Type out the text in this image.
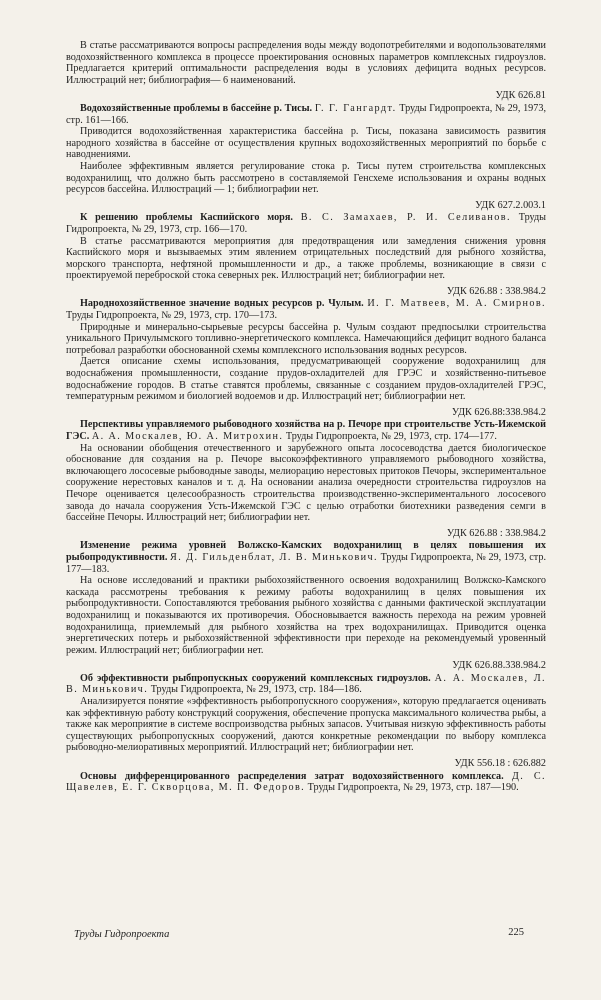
В статье рассматриваются вопросы распределения воды между водопотребителями и водопользователями водохозяйственного комплекса в процессе проектирования основных параметров комплексных гидроузлов. Предлагается критерий оптимальности распределения воды в условиях дефицита водных ресурсов. Иллюстраций нет; библиография— 6 наименований.

УДК 626.81

Водохозяйственные проблемы в бассейне р. Тисы. Г. Г. Гангардт. Труды Гидропроекта, № 29, 1973, стр. 161—166.

Приводится водохозяйственная характеристика бассейна р. Тисы, показана зависимость развития народного хозяйства в бассейне от осуществления крупных водохозяйственных мероприятий по борьбе с наводнениями.

Наиболее эффективным является регулирование стока р. Тисы путем строительства комплексных водохранилищ, что должно быть рассмотрено в составляемой Генсхеме использования и охраны водных ресурсов бассейна. Иллюстраций — 1; библиографии нет.

УДК 627.2.003.1

К решению проблемы Каспийского моря. В. С. Замахаев, Р. И. Селиванов. Труды Гидропроекта, № 29, 1973, стр. 166—170.

В статье рассматриваются мероприятия для предотвращения или замедления снижения уровня Каспийского моря и вызываемых этим явлением отрицательных последствий для рыбного хозяйства, морского транспорта, нефтяной промышленности и др., а также проблемы, возникающие в связи с проектируемой переброской стока северных рек. Иллюстраций нет; библиографии нет.

УДК 626.88 : 338.984.2

Народнохозяйственное значение водных ресурсов р. Чулым. И. Г. Матвеев, М. А. Смирнов. Труды Гидропроекта, № 29, 1973, стр. 170—173.

Природные и минерально-сырьевые ресурсы бассейна р. Чулым создают предпосылки строительства уникального Причулымского топливно-энергетического комплекса. Намечающийся дефицит водного баланса потребовал разработки обоснованной схемы комплексного использования водных ресурсов.

Дается описание схемы использования, предусматривающей сооружение водохранилищ для водоснабжения промышленности, создание прудов-охладителей для ГРЭС и хозяйственно-питьевое водоснабжение городов. В статье ставятся проблемы, связанные с созданием прудов-охладителей ГРЭС, температурным режимом и биологией водоемов и др. Иллюстраций нет; библиографии нет.

УДК 626.88:338.984.2

Перспективы управляемого рыбоводного хозяйства на р. Печоре при строительстве Усть-Ижемской ГЭС. А. А. Москалев, Ю. А. Митрохин. Труды Гидропроекта, № 29, 1973, стр. 174—177.

На основании обобщения отечественного и зарубежного опыта лососеводства дается биологическое обоснование для создания на р. Печоре высокоэффективного управляемого рыбоводного хозяйства, включающего лососевые рыбоводные заводы, мелиорацию нерестовых притоков Печоры, экспериментальное сооружение нерестовых каналов и т. д. На основании анализа очередности строительства гидроузлов на Печоре оценивается целесообразность строительства производственно-экспериментального лососевого завода до начала сооружения Усть-Ижемской ГЭС с целью отработки биотехники разведения семги в бассейне Печоры. Иллюстраций нет; библиографии нет.

УДК 626.88 : 338.984.2

Изменение режима уровней Волжско-Камских водохранилищ в целях повышения их рыбопродуктивности. Я. Д. Гильденблат, Л. В. Минькович. Труды Гидропроекта, № 29, 1973, стр. 177—183.

На основе исследований и практики рыбохозяйственного освоения водохранилищ Волжско-Камского каскада рассмотрены требования к режиму работы водохранилищ в целях повышения их рыбопродуктивности. Сопоставляются требования рыбного хозяйства с данными фактической эксплуатации водохранилищ и показываются их противоречия. Обосновывается важность перехода на режим уровней водохранилища, приемлемый для рыбного хозяйства на трех водохранилищах. Приводится оценка энергетических потерь и рыбохозяйственной эффективности при переходе на рекомендуемый уровенный режим. Иллюстраций нет; библиографии нет.

УДК 626.88.338.984.2

Об эффективности рыбпропускных сооружений комплексных гидроузлов. А. А. Москалев, Л. В. Минькович. Труды Гидропроекта, № 29, 1973, стр. 184—186.

Анализируется понятие «эффективность рыбопропускного сооружения», которую предлагается оценивать как эффективную работу конструкций сооружения, обеспечение пропуска максимального количества рыбы, а также как мероприятие в системе воспроизводства рыбных запасов. Учитывая низкую эффективность работы существующих рыбопропускных сооружений, даются конкретные рекомендации по выбору комплекса рыбоводно-мелиоративных мероприятий. Иллюстраций нет; библиографии нет.

УДК 556.18 : 626.882

Основы дифференцированного распределения затрат водохозяйственного комплекса. Д. С. Щавелев, Е. Г. Скворцова, М. П. Федоров. Труды Гидропроекта, № 29, 1973, стр. 187—190.

Труды Гидропроекта	225
